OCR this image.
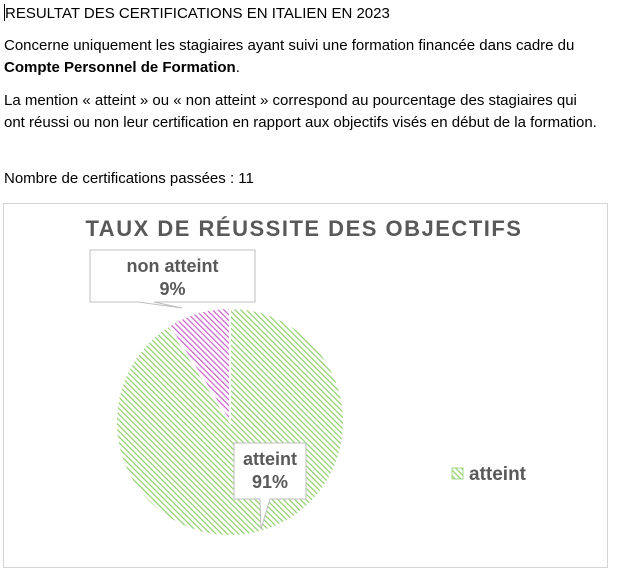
RESULTAT DES CERTIFICATIONS EN ITALIEN EN 2023

Concerne uniquement les stagiaires ayant suivi une formation financée dans cadre du Compte Personnel de Formation.

La mention « atteint » ou « non atteint » correspond au pourcentage des stagiaires qui ont réussi ou non leur certification en rapport aux objectifs visés en début de la formation.

Nombre de certifications passées : 11

TAUX DE RÉUSSITE DES OBJECTIFS
non atteint
9%
atteint
91%	atteint
